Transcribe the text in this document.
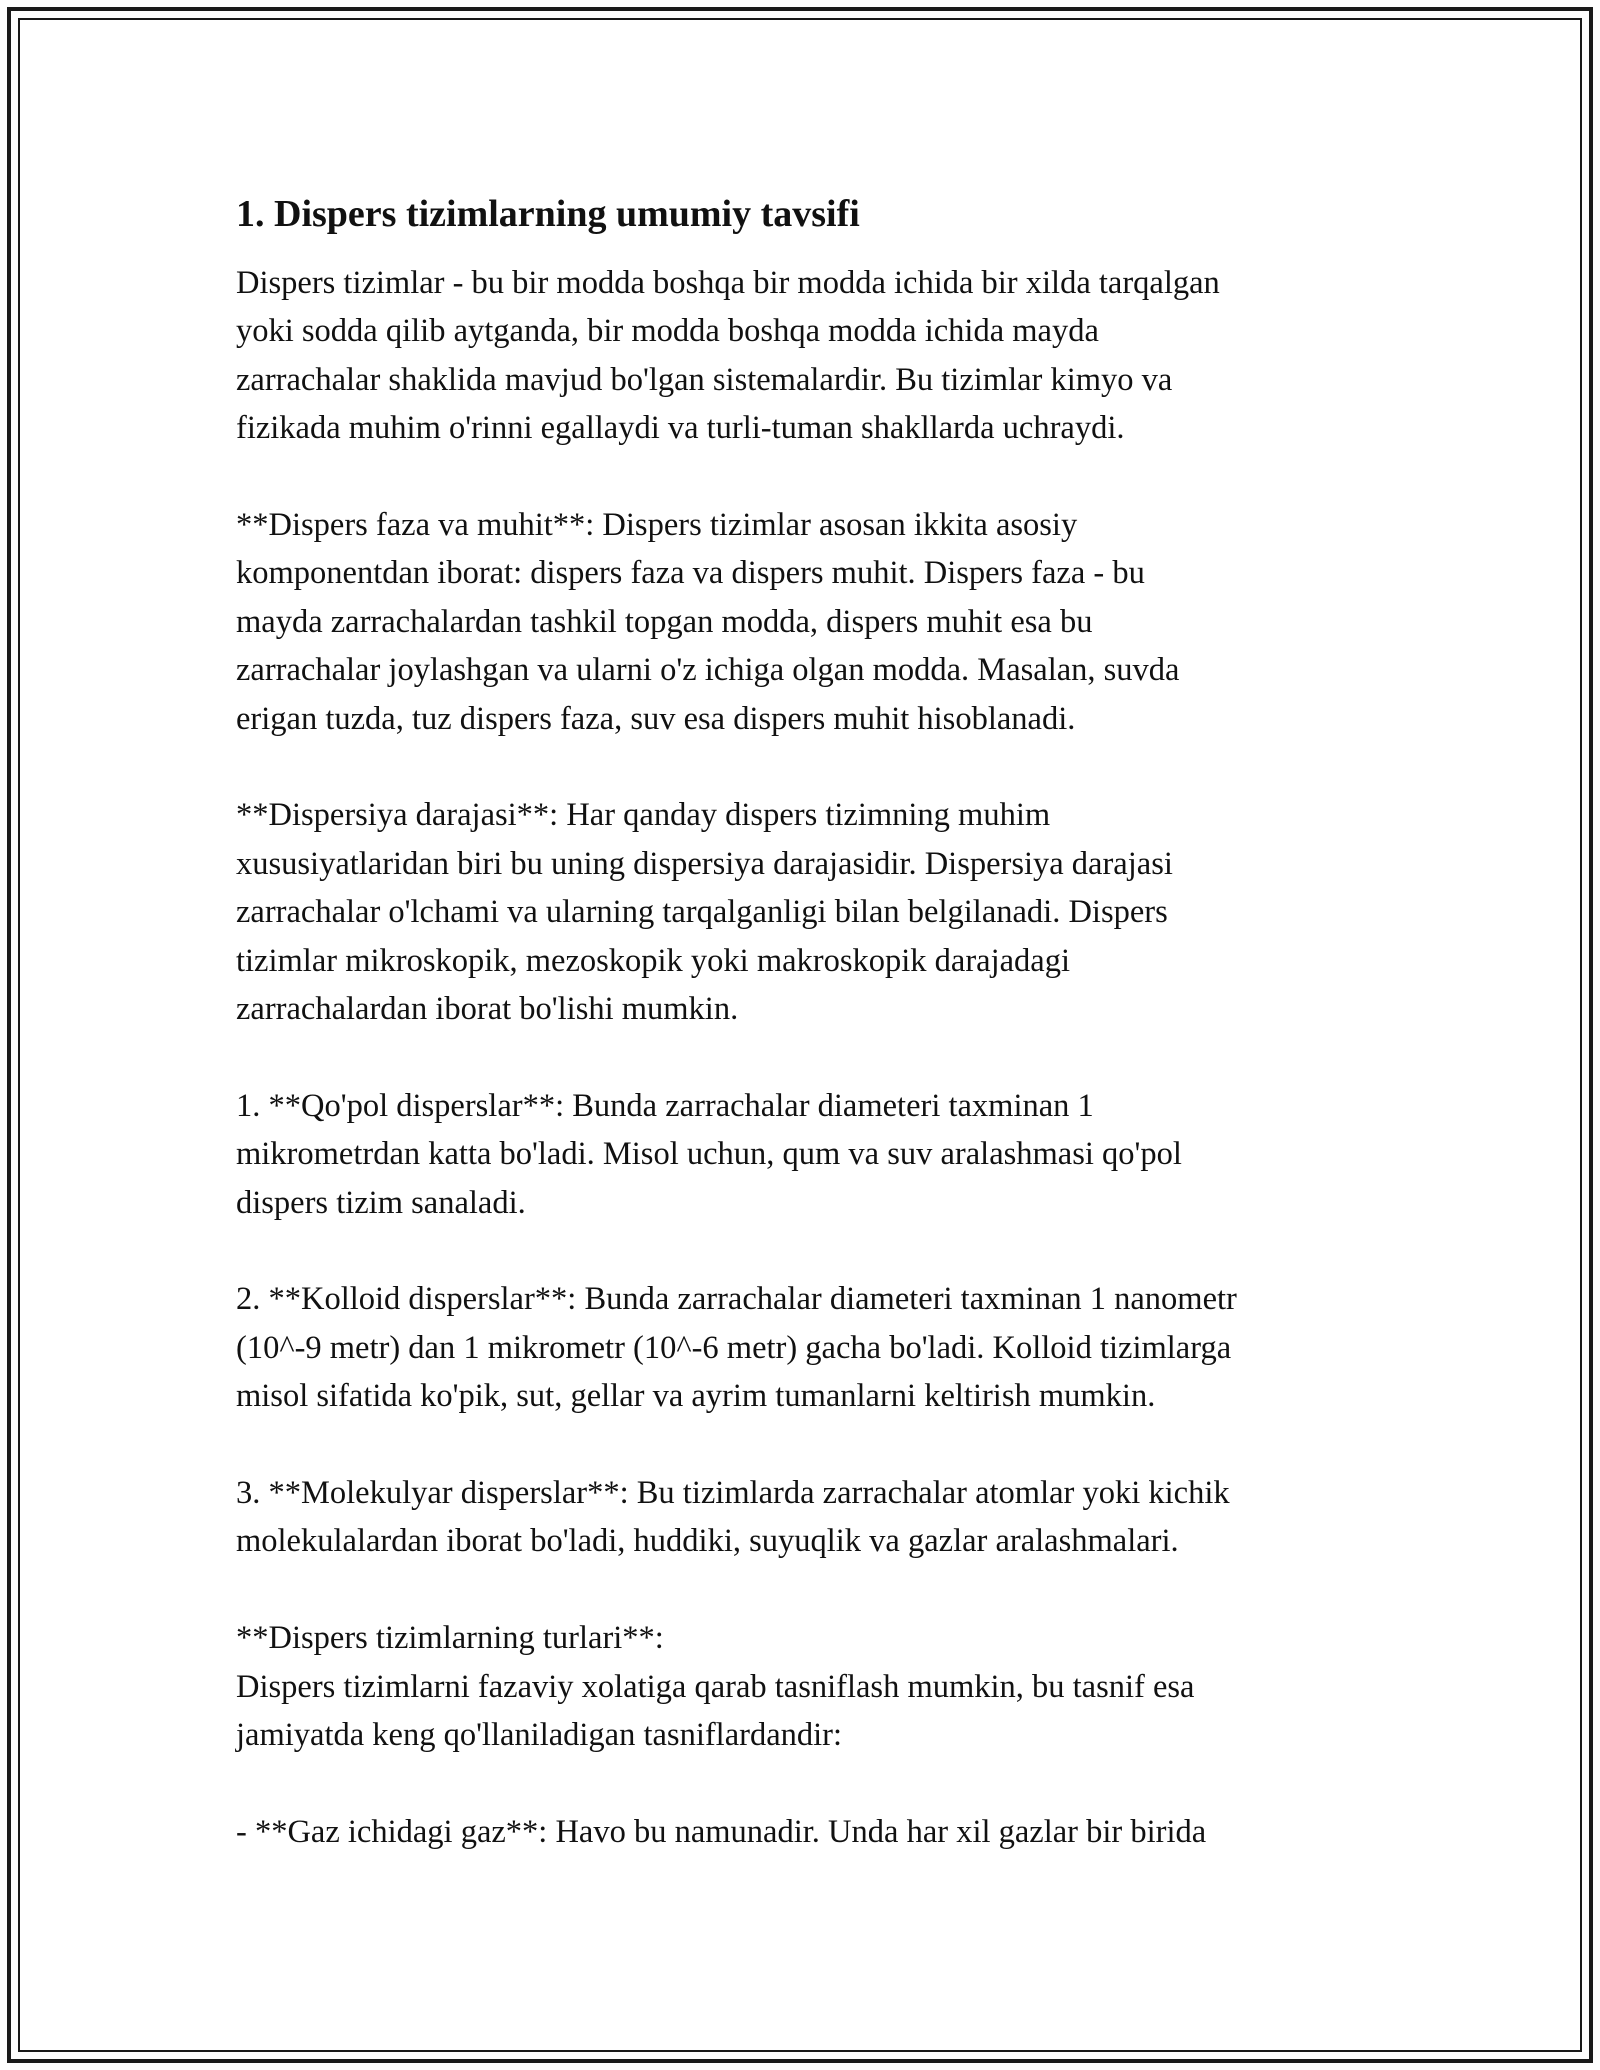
1. Dispers tizimlarning umumiy tavsifi

Dispers tizimlar - bu bir modda boshqa bir modda ichida bir xilda tarqalgan
yoki sodda qilib aytganda, bir modda boshqa modda ichida mayda
zarrachalar shaklida mavjud bo'lgan sistemalardir. Bu tizimlar kimyo va
fizikada muhim o'rinni egallaydi va turli-tuman shakllarda uchraydi.

**Dispers faza va muhit**: Dispers tizimlar asosan ikkita asosiy
komponentdan iborat: dispers faza va dispers muhit. Dispers faza - bu
mayda zarrachalardan tashkil topgan modda, dispers muhit esa bu
zarrachalar joylashgan va ularni o'z ichiga olgan modda. Masalan, suvda
erigan tuzda, tuz dispers faza, suv esa dispers muhit hisoblanadi.

**Dispersiya darajasi**: Har qanday dispers tizimning muhim
xususiyatlaridan biri bu uning dispersiya darajasidir. Dispersiya darajasi
zarrachalar o'lchami va ularning tarqalganligi bilan belgilanadi. Dispers
tizimlar mikroskopik, mezoskopik yoki makroskopik darajadagi
zarrachalardan iborat bo'lishi mumkin.

1. **Qo'pol disperslar**: Bunda zarrachalar diameteri taxminan 1
mikrometrdan katta bo'ladi. Misol uchun, qum va suv aralashmasi qo'pol
dispers tizim sanaladi.

2. **Kolloid disperslar**: Bunda zarrachalar diameteri taxminan 1 nanometr
(10^-9 metr) dan 1 mikrometr (10^-6 metr) gacha bo'ladi. Kolloid tizimlarga
misol sifatida ko'pik, sut, gellar va ayrim tumanlarni keltirish mumkin.

3. **Molekulyar disperslar**: Bu tizimlarda zarrachalar atomlar yoki kichik
molekulalardan iborat bo'ladi, huddiki, suyuqlik va gazlar aralashmalari.

**Dispers tizimlarning turlari**:
Dispers tizimlarni fazaviy xolatiga qarab tasniflash mumkin, bu tasnif esa
jamiyatda keng qo'llaniladigan tasniflardandir:

- **Gaz ichidagi gaz**: Havo bu namunadir. Unda har xil gazlar bir birida
